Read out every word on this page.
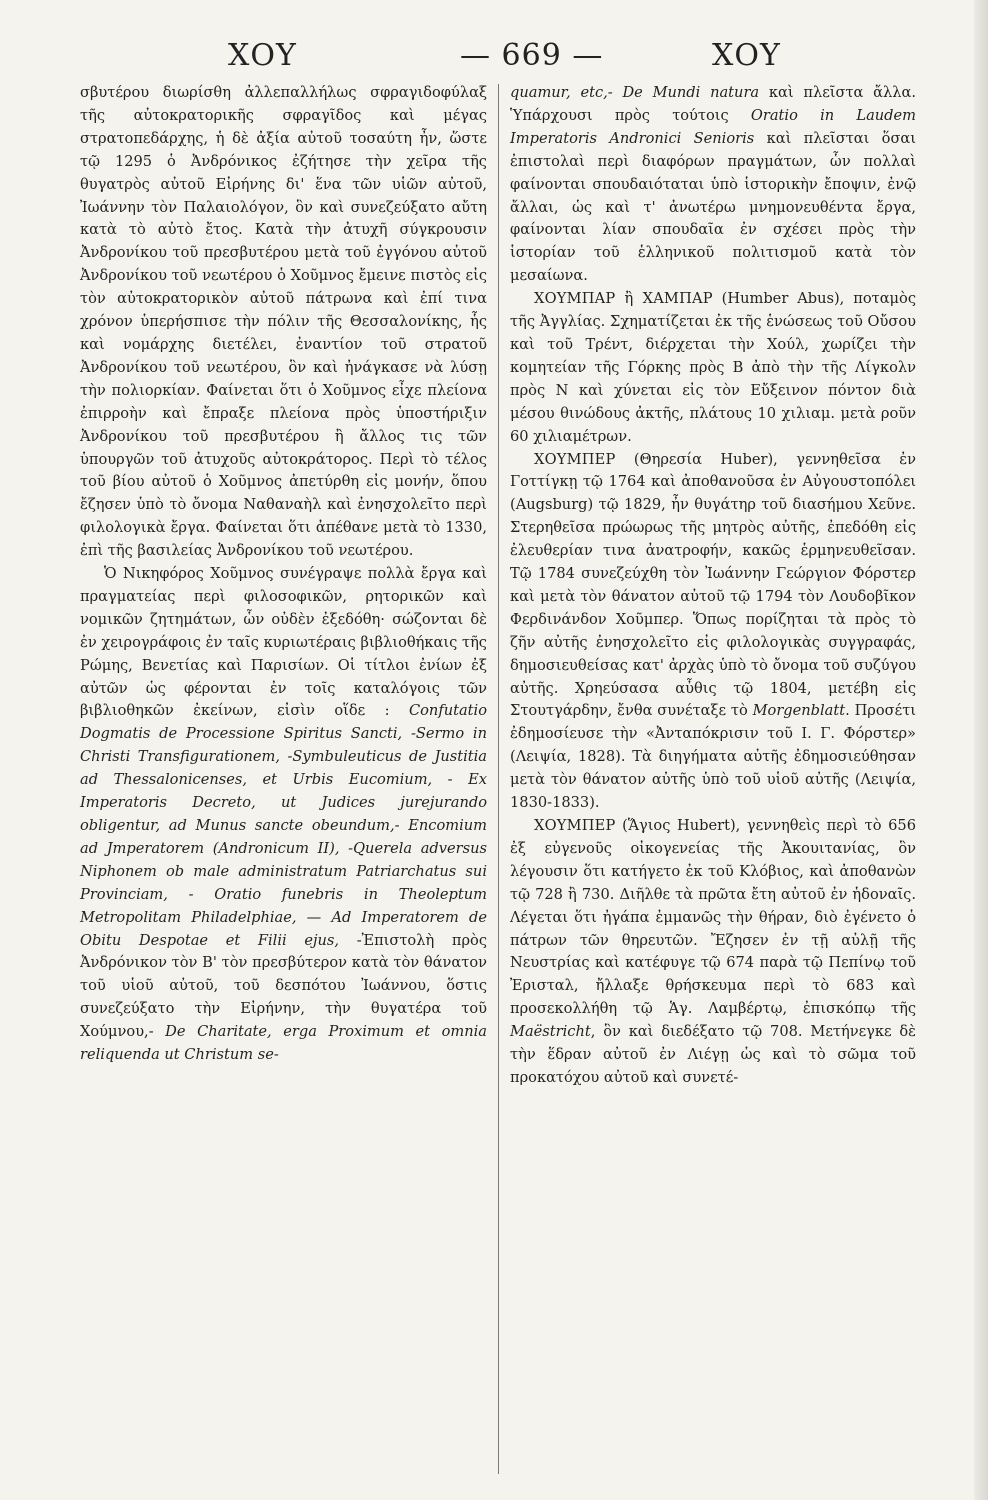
ΧΟΥ	— 669 —	ΧΟΥ

σβυτέρου διωρίσθη ἀλλεπαλλήλως σφραγιδοφύλαξ τῆς αὐτοκρατορικῆς σφραγῖδος καὶ μέγας στρατοπεδάρχης, ἡ δὲ ἀξία αὐτοῦ τοσαύτη ἦν, ὥστε τῷ 1295 ὁ Ἀνδρόνικος ἐζήτησε τὴν χεῖρα τῆς θυγατρὸς αὐτοῦ Εἰρήνης δι' ἕνα τῶν υἱῶν αὐτοῦ, Ἰωάννην τὸν Παλαιολόγον, ὃν καὶ συνεζεύξατο αὔτη κατὰ τὸ αὐτὸ ἔτος. Κατὰ τὴν ἀτυχῆ σύγκρουσιν Ἀνδρονίκου τοῦ πρεσβυτέρου μετὰ τοῦ ἐγγόνου αὐτοῦ Ἀνδρονίκου τοῦ νεωτέρου ὁ Χοῦμνος ἔμεινε πιστὸς εἰς τὸν αὐτοκρατορικὸν αὐτοῦ πάτρωνα καὶ ἐπί τινα χρόνον ὑπερήσπισε τὴν πόλιν τῆς Θεσσαλονίκης, ἧς καὶ νομάρχης διετέλει, ἐναντίον τοῦ στρατοῦ Ἀνδρονίκου τοῦ νεωτέρου, ὃν καὶ ἠνάγκασε νὰ λύσῃ τὴν πολιορκίαν. Φαίνεται ὅτι ὁ Χοῦμνος εἶχε πλείονα ἐπιρροὴν καὶ ἔπραξε πλείονα πρὸς ὑποστήριξιν Ἀνδρονίκου τοῦ πρεσβυτέρου ἢ ἄλλος τις τῶν ὑπουργῶν τοῦ ἀτυχοῦς αὐτοκράτορος. Περὶ τὸ τέλος τοῦ βίου αὐτοῦ ὁ Χοῦμνος ἀπετύρθη εἰς μονήν, ὅπου ἔζησεν ὑπὸ τὸ ὄνομα Ναθαναὴλ καὶ ἐνησχολεῖτο περὶ φιλολογικὰ ἔργα. Φαίνεται ὅτι ἀπέθανε μετὰ τὸ 1330, ἐπὶ τῆς βασιλείας Ἀνδρονίκου τοῦ νεωτέρου.

Ὁ Νικηφόρος Χοῦμνος συνέγραψε πολλὰ ἔργα καὶ πραγματείας περὶ φιλοσοφικῶν, ρητορικῶν καὶ νομικῶν ζητημάτων, ὧν οὐδὲν ἐξεδόθη· σώζονται δὲ ἐν χειρογράφοις ἐν ταῖς κυριωτέραις βιβλιοθήκαις τῆς Ρώμης, Βενετίας καὶ Παρισίων. Οἱ τίτλοι ἐνίων ἐξ αὐτῶν ὡς φέρονται ἐν τοῖς καταλόγοις τῶν βιβλιοθηκῶν ἐκείνων, εἰσὶν οἵδε : Confutatio Dogmatis de Processione Spiritus Sancti, -Sermo in Christi Transfigurationem, -Symbuleuticus de Justitia ad Thessalonicenses, et Urbis Eucomium, - Ex Imperatoris Decreto, ut Judices jurejurando obligentur, ad Munus sancte obeundum,- Encomium ad Jmperatorem (Andronicum II), -Querela adversus Niphonem ob male administratum Patriarchatus sui Provinciam, - Oratio funebris in Theoleptum Metropolitam Philadelphiae, — Ad Imperatorem de Obitu Despotae et Filii ejus, -Ἐπιστολὴ πρὸς Ἀνδρόνικον τὸν Β' τὸν πρεσβύτερον κατὰ τὸν θάνατον τοῦ υἱοῦ αὐτοῦ, τοῦ δεσπότου Ἰωάννου, ὅστις συνεζεύξατο τὴν Εἰρήνην, τὴν θυγατέρα τοῦ Χούμνου,- De Charitate, erga Proximum et omnia reliquenda ut Christum se-

quamur, etc,- De Mundi natura καὶ πλεῖστα ἄλλα. Ὑπάρχουσι πρὸς τούτοις Oratio in Laudem Imperatoris Andronici Senioris καὶ πλεῖσται ὅσαι ἐπιστολαὶ περὶ διαφόρων πραγμάτων, ὧν πολλαὶ φαίνονται σπουδαιόταται ὑπὸ ἱστορικὴν ἔποψιν, ἐνῷ ἄλλαι, ὡς καὶ τ' ἀνωτέρω μνημονευθέντα ἔργα, φαίνονται λίαν σπουδαῖα ἐν σχέσει πρὸς τὴν ἱστορίαν τοῦ ἑλληνικοῦ πολιτισμοῦ κατὰ τὸν μεσαίωνα.

ΧΟΥΜΠΑΡ ἢ ΧΑΜΠΑΡ (Humber Abus), ποταμὸς τῆς Ἀγγλίας. Σχηματίζεται ἐκ τῆς ἑνώσεως τοῦ Οὔσου καὶ τοῦ Τρέντ, διέρχεται τὴν Χούλ, χωρίζει τὴν κομητείαν τῆς Γόρκης πρὸς Β ἀπὸ τὴν τῆς Λίγκολν πρὸς Ν καὶ χύνεται εἰς τὸν Εὔξεινον πόντον διὰ μέσου θινώδους ἀκτῆς, πλάτους 10 χιλιαμ. μετὰ ροῦν 60 χιλιαμέτρων.

ΧΟΥΜΠΕΡ (Θηρεσία Huber), γεννηθεῖσα ἐν Γοττίγκῃ τῷ 1764 καὶ ἀποθανοῦσα ἐν Αὐγουστοπόλει (Augsburg) τῷ 1829, ἦν θυγάτηρ τοῦ διασήμου Χεῦνε. Στερηθεῖσα πρώωρως τῆς μητρὸς αὐτῆς, ἐπεδόθη εἰς ἐλευθερίαν τινα ἀνατροφήν, κακῶς ἑρμηνευθεῖσαν. Τῷ 1784 συνεζεύχθη τὸν Ἰωάννην Γεώργιον Φόρστερ καὶ μετὰ τὸν θάνατον αὐτοῦ τῷ 1794 τὸν Λουδοβῖκον Φερδινάνδον Χοῦμπερ. Ὅπως πορίζηται τὰ πρὸς τὸ ζῆν αὐτῆς ἐνησχολεῖτο εἰς φιλολογικὰς συγγραφάς, δημοσιευθείσας κατ' ἀρχὰς ὑπὸ τὸ ὄνομα τοῦ συζύγου αὐτῆς. Χρηεύσασα αὖθις τῷ 1804, μετέβη εἰς Στουτγάρδην, ἔνθα συνέταξε τὸ Morgenblatt. Προσέτι ἐδημοσίευσε τὴν «Ἀνταπόκρισιν τοῦ Ι. Γ. Φόρστερ» (Λειψία, 1828). Τὰ διηγήματα αὐτῆς ἐδημοσιεύθησαν μετὰ τὸν θάνατον αὐτῆς ὑπὸ τοῦ υἱοῦ αὐτῆς (Λειψία, 1830-1833).

ΧΟΥΜΠΕΡ (Ἅγιος Hubert), γεννηθεὶς περὶ τὸ 656 ἐξ εὐγενοῦς οἰκογενείας τῆς Ἀκουιτανίας, ὃν λέγουσιν ὅτι κατήγετο ἐκ τοῦ Κλόβιος, καὶ ἀποθανὼν τῷ 728 ἢ 730. Διῆλθε τὰ πρῶτα ἔτη αὐτοῦ ἐν ἡδοναῖς. Λέγεται ὅτι ἠγάπα ἐμμανῶς τὴν θήραν, διὸ ἐγένετο ὁ πάτρων τῶν θηρευτῶν. Ἔζησεν ἐν τῇ αὐλῇ τῆς Νευστρίας καὶ κατέφυγε τῷ 674 παρὰ τῷ Πεπίνῳ τοῦ Ἐρισταλ, ἤλλαξε θρήσκευμα περὶ τὸ 683 καὶ προσεκολλήθη τῷ Ἁγ. Λαμβέρτῳ, ἐπισκόπῳ τῆς Maëstricht, ὃν καὶ διεδέξατο τῷ 708. Μετήνεγκε δὲ τὴν ἕδραν αὐτοῦ ἐν Λιέγῃ ὡς καὶ τὸ σῶμα τοῦ προκατόχου αὐτοῦ καὶ συνετέ-
